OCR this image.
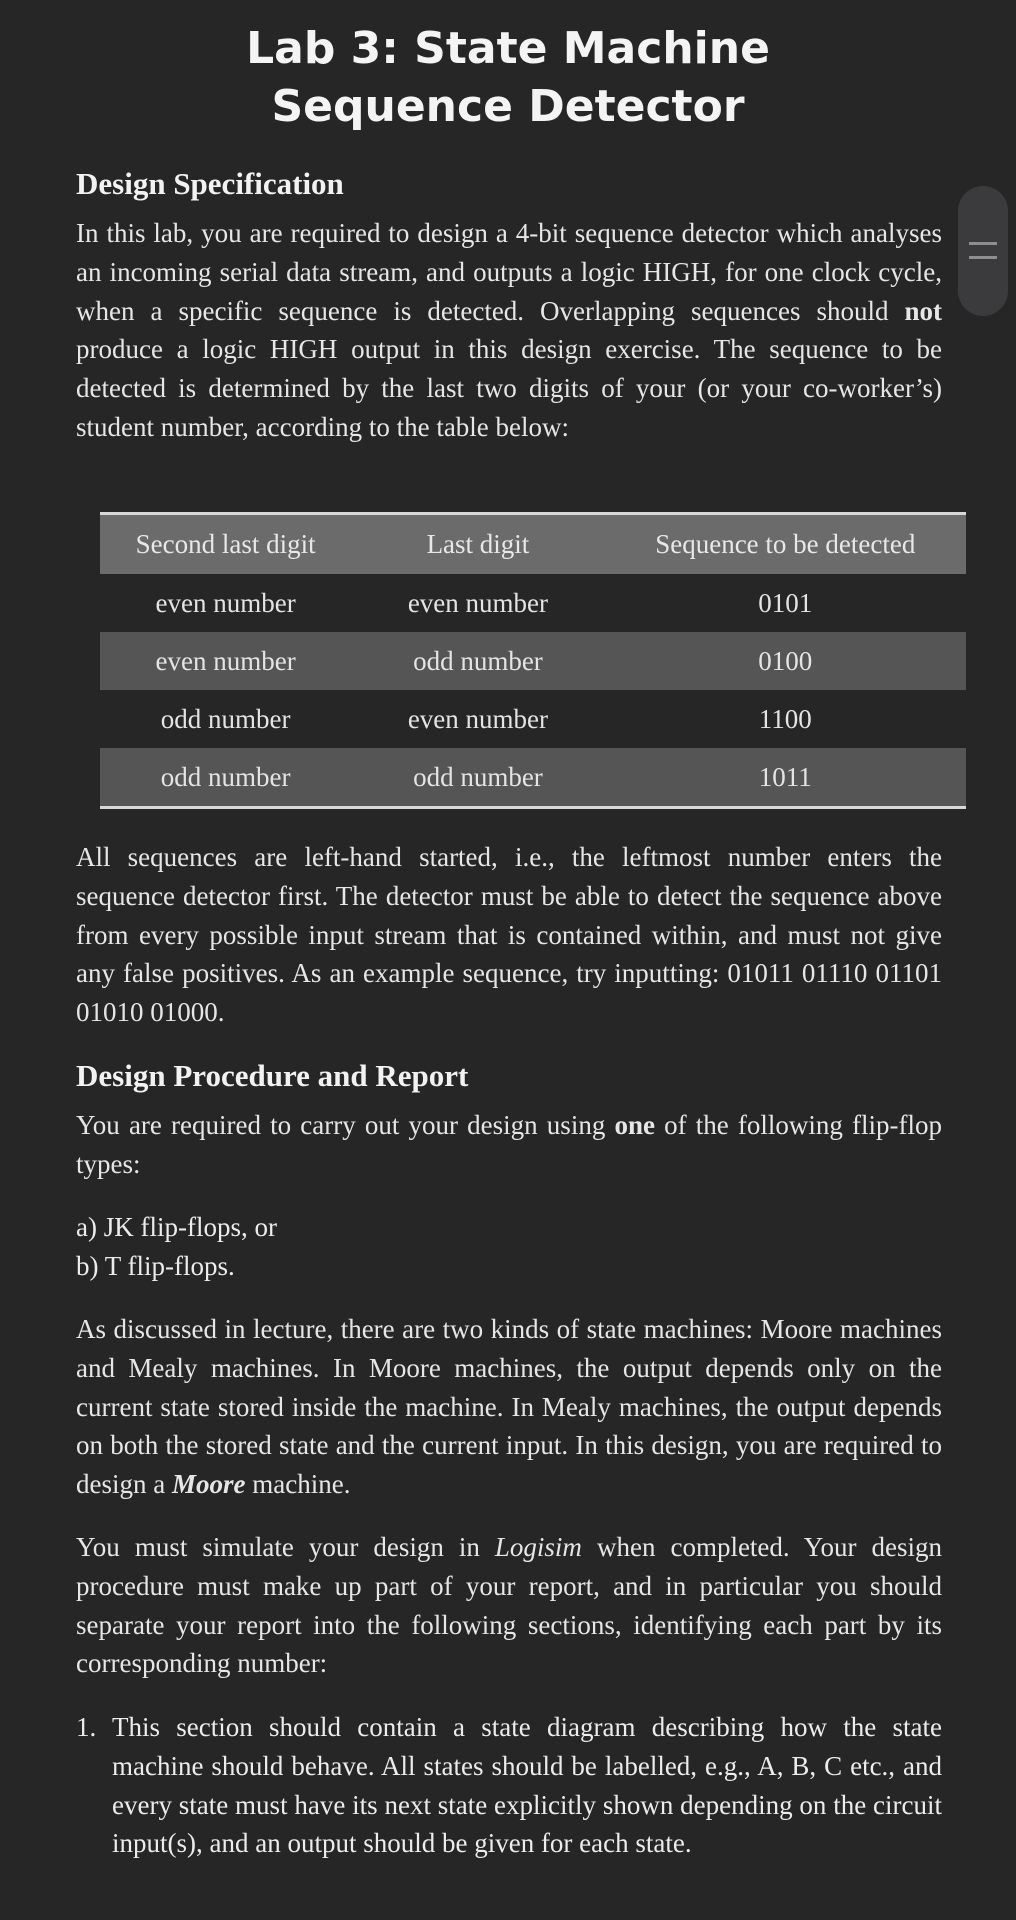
Lab 3: State Machine Sequence Detector
Design Specification

In this lab, you are required to design a 4-bit sequence detector which analyses an incoming serial data stream, and outputs a logic HIGH, for one clock cycle, when a specific sequence is detected. Overlapping sequences should not produce a logic HIGH output in this design exercise. The sequence to be detected is determined by the last two digits of your (or your co-worker’s) student number, according to the table below:

Second last digit	Last digit	Sequence to be detected
even number	even number	0101
even number	odd number	0100
odd number	even number	1100
odd number	odd number	1011

All sequences are left-hand started, i.e., the leftmost number enters the sequence detector first. The detector must be able to detect the sequence above from every possible input stream that is contained within, and must not give any false positives. As an example sequence, try inputting: 01011 01110 01101 01010 01000.

Design Procedure and Report

You are required to carry out your design using one of the following flip-flop types:

a) JK flip-flops, or

b) T flip-flops.

As discussed in lecture, there are two kinds of state machines: Moore machines and Mealy machines. In Moore machines, the output depends only on the current state stored inside the machine. In Mealy machines, the output depends on both the stored state and the current input. In this design, you are required to design a Moore machine.

You must simulate your design in Logisim when completed. Your design procedure must make up part of your report, and in particular you should separate your report into the following sections, identifying each part by its corresponding number:

1. This section should contain a state diagram describing how the state machine should behave. All states should be labelled, e.g., A, B, C etc., and every state must have its next state explicitly shown depending on the circuit input(s), and an output should be given for each state.
